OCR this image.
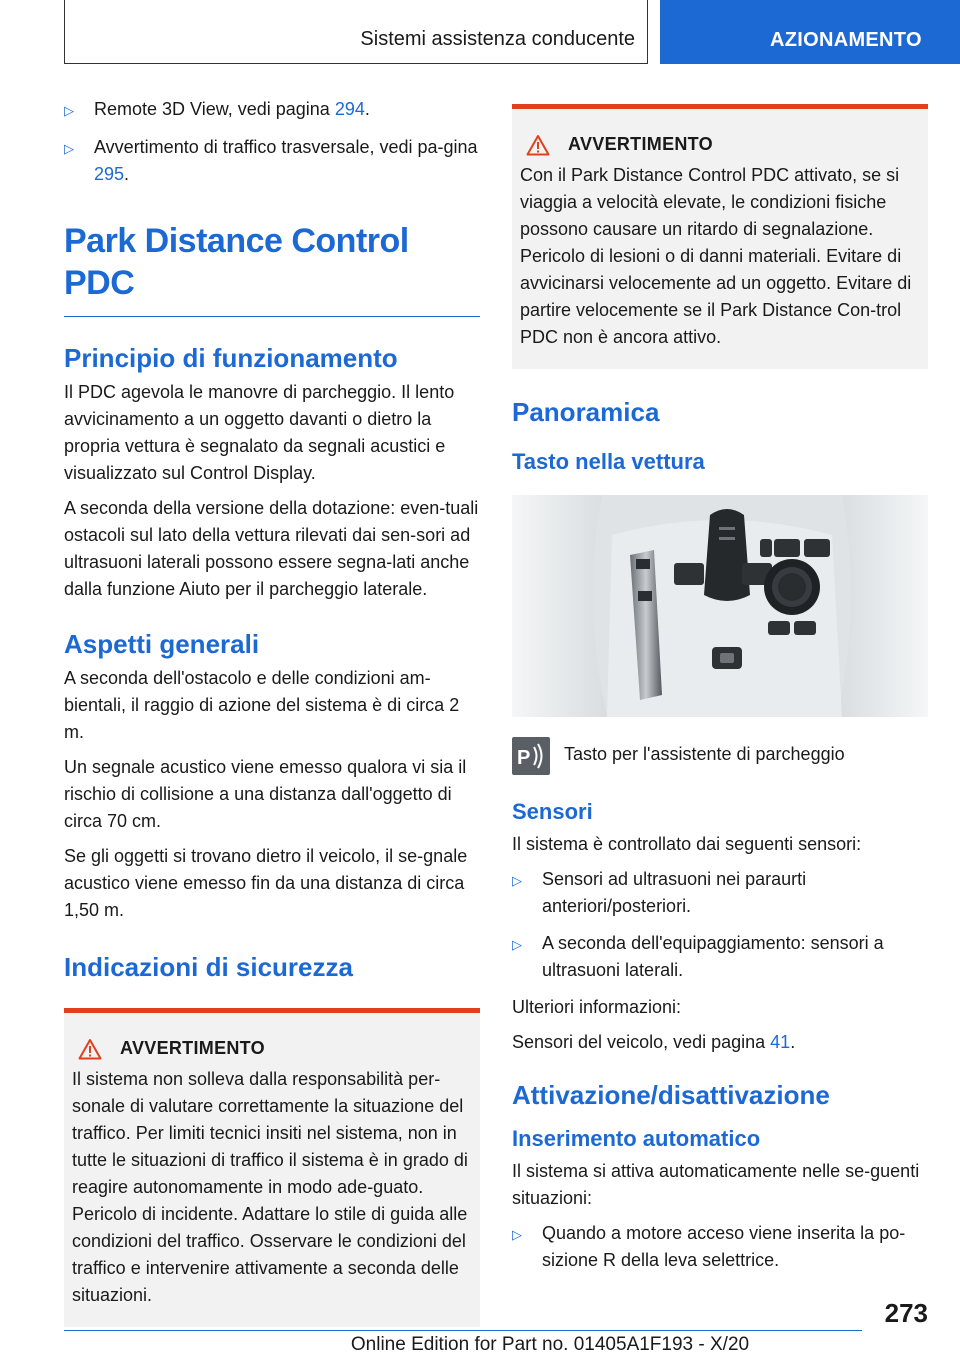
Sistemi assistenza conducente	AZIONAMENTO
▷	Remote 3D View, vedi pagina 294.
▷	Avvertimento di traffico trasversale, vedi pa-gina 295.
Park Distance Control PDC
Principio di funzionamento

Il PDC agevola le manovre di parcheggio. Il lento avvicinamento a un oggetto davanti o dietro la propria vettura è segnalato da segnali acustici e visualizzato sul Control Display.

A seconda della versione della dotazione: even-tuali ostacoli sul lato della vettura rilevati dai sen-sori ad ultrasuoni laterali possono essere segna-lati anche dalla funzione Aiuto per il parcheggio laterale.

Aspetti generali

A seconda dell'ostacolo e delle condizioni am-bientali, il raggio di azione del sistema è di circa 2 m.

Un segnale acustico viene emesso qualora vi sia il rischio di collisione a una distanza dall'oggetto di circa 70 cm.

Se gli oggetti si trovano dietro il veicolo, il se-gnale acustico viene emesso fin da una distanza di circa 1,50 m.

Indicazioni di sicurezza
AVVERTIMENTO
Il sistema non solleva dalla responsabilità per-sonale di valutare correttamente la situazione del traffico. Per limiti tecnici insiti nel sistema, non in tutte le situazioni di traffico il sistema è in grado di reagire autonomamente in modo ade-guato. Pericolo di incidente. Adattare lo stile di guida alle condizioni del traffico. Osservare le condizioni del traffico e intervenire attivamente a seconda delle situazioni.
AVVERTIMENTO
Con il Park Distance Control PDC attivato, se si viaggia a velocità elevate, le condizioni fisiche possono causare un ritardo di segnalazione. Pericolo di lesioni o di danni materiali. Evitare di avvicinarsi velocemente ad un oggetto. Evitare di partire velocemente se il Park Distance Con-trol PDC non è ancora attivo.
Panoramica
Tasto nella vettura
P Tasto per l'assistente di parcheggio
Sensori

Il sistema è controllato dai seguenti sensori:

▷	Sensori ad ultrasuoni nei paraurti anteriori/posteriori.
▷	A seconda dell'equipaggiamento: sensori a ultrasuoni laterali.

Ulteriori informazioni:

Sensori del veicolo, vedi pagina 41.

Attivazione/disattivazione
Inserimento automatico

Il sistema si attiva automaticamente nelle se-guenti situazioni:

▷	Quando a motore acceso viene inserita la po-sizione R della leva selettrice.
273
Online Edition for Part no. 01405A1F193 - X/20
